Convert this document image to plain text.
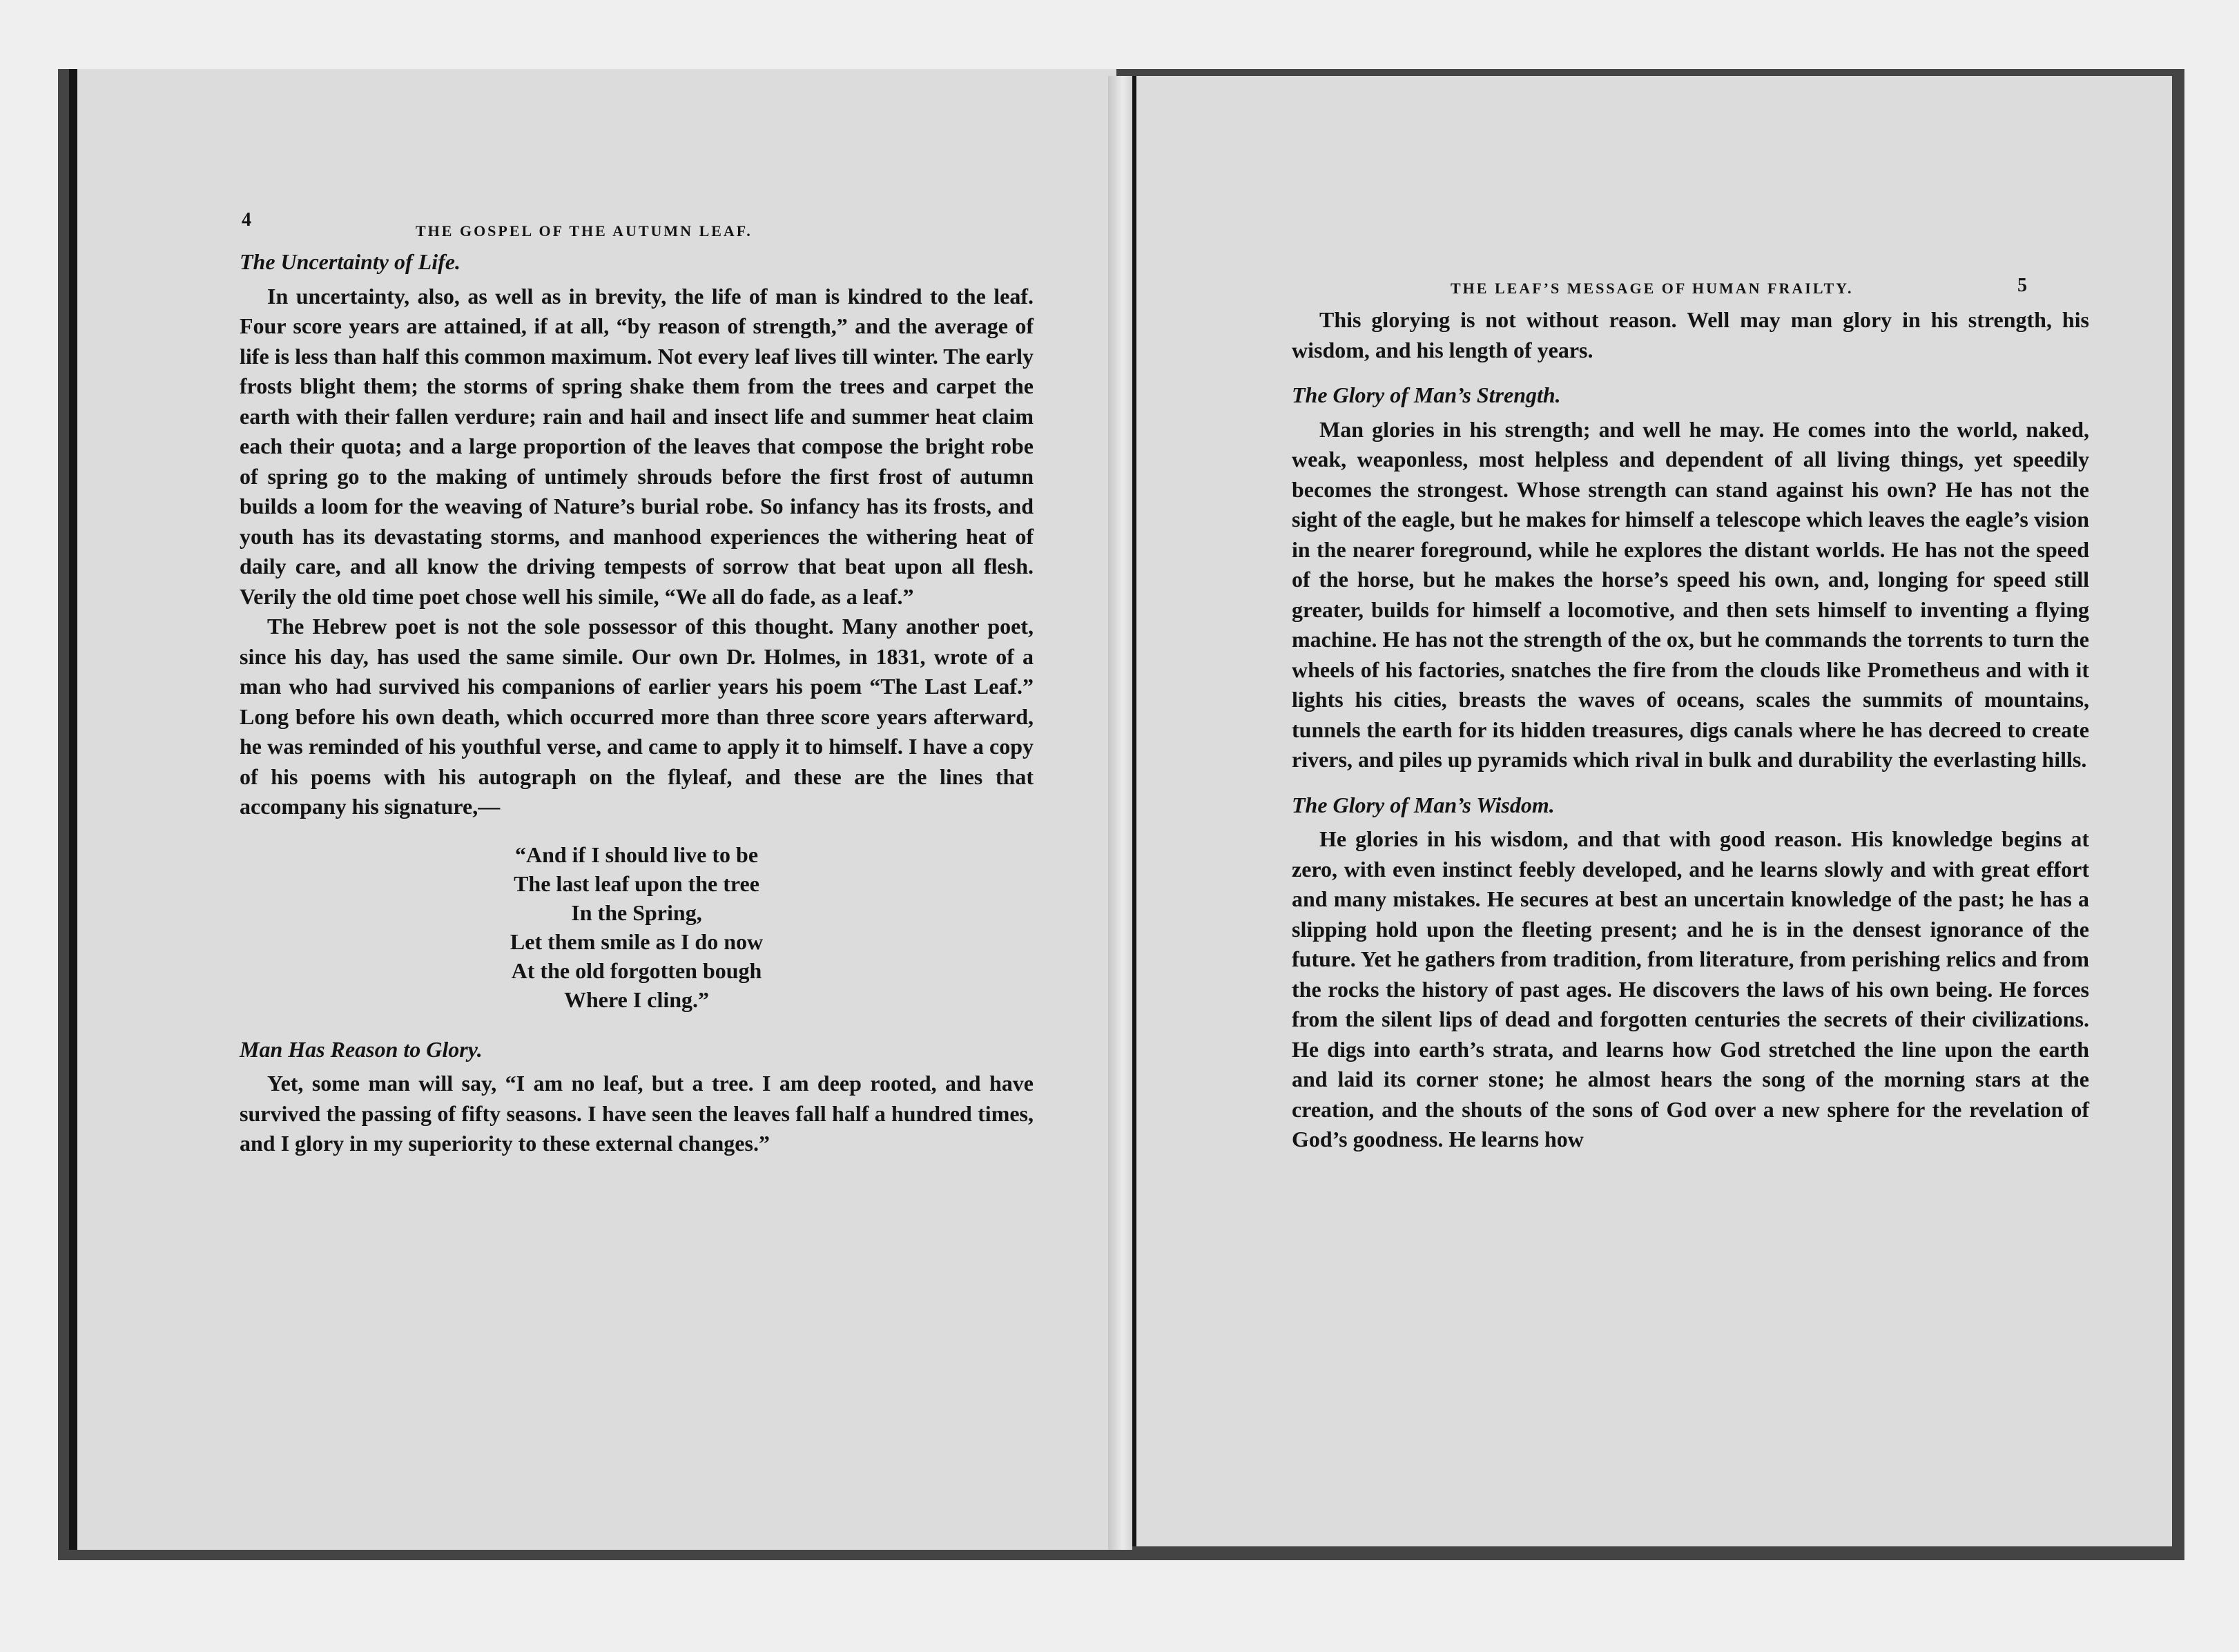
4
THE GOSPEL OF THE AUTUMN LEAF.
The Uncertainty of Life.

In uncertainty, also, as well as in brevity, the life of man is kindred to the leaf. Four score years are attained, if at all, “by reason of strength,” and the average of life is less than half this common maximum. Not every leaf lives till winter. The early frosts blight them; the storms of spring shake them from the trees and carpet the earth with their fallen verdure; rain and hail and insect life and summer heat claim each their quota; and a large proportion of the leaves that compose the bright robe of spring go to the making of untimely shrouds before the first frost of autumn builds a loom for the weaving of Nature’s burial robe. So infancy has its frosts, and youth has its devastating storms, and manhood experiences the withering heat of daily care, and all know the driving tempests of sorrow that beat upon all flesh. Verily the old time poet chose well his simile, “We all do fade, as a leaf.”

The Hebrew poet is not the sole possessor of this thought. Many another poet, since his day, has used the same simile. Our own Dr. Holmes, in 1831, wrote of a man who had survived his companions of earlier years his poem “The Last Leaf.” Long before his own death, which occurred more than three score years afterward, he was reminded of his youthful verse, and came to apply it to himself. I have a copy of his poems with his autograph on the flyleaf, and these are the lines that accompany his signature,—

“And if I should live to be
The last leaf upon the tree
In the Spring,
Let them smile as I do now
At the old forgotten bough
Where I cling.”
Man Has Reason to Glory.

Yet, some man will say, “I am no leaf, but a tree. I am deep rooted, and have survived the passing of fifty seasons. I have seen the leaves fall half a hundred times, and I glory in my superiority to these external changes.”

THE LEAF’S MESSAGE OF HUMAN FRAILTY.	5

This glorying is not without reason. Well may man glory in his strength, his wisdom, and his length of years.

The Glory of Man’s Strength.

Man glories in his strength; and well he may. He comes into the world, naked, weak, weaponless, most helpless and dependent of all living things, yet speedily becomes the strongest. Whose strength can stand against his own? He has not the sight of the eagle, but he makes for himself a telescope which leaves the eagle’s vision in the nearer foreground, while he explores the distant worlds. He has not the speed of the horse, but he makes the horse’s speed his own, and, longing for speed still greater, builds for himself a locomotive, and then sets himself to inventing a flying machine. He has not the strength of the ox, but he commands the torrents to turn the wheels of his factories, snatches the fire from the clouds like Prometheus and with it lights his cities, breasts the waves of oceans, scales the summits of mountains, tunnels the earth for its hidden treasures, digs canals where he has decreed to create rivers, and piles up pyramids which rival in bulk and durability the everlasting hills.

The Glory of Man’s Wisdom.

He glories in his wisdom, and that with good reason. His knowledge begins at zero, with even instinct feebly developed, and he learns slowly and with great effort and many mistakes. He secures at best an uncertain knowledge of the past; he has a slipping hold upon the fleeting present; and he is in the densest ignorance of the future. Yet he gathers from tradition, from literature, from perishing relics and from the rocks the history of past ages. He discovers the laws of his own being. He forces from the silent lips of dead and forgotten centuries the secrets of their civilizations. He digs into earth’s strata, and learns how God stretched the line upon the earth and laid its corner stone; he almost hears the song of the morning stars at the creation, and the shouts of the sons of God over a new sphere for the revelation of God’s goodness. He learns how
